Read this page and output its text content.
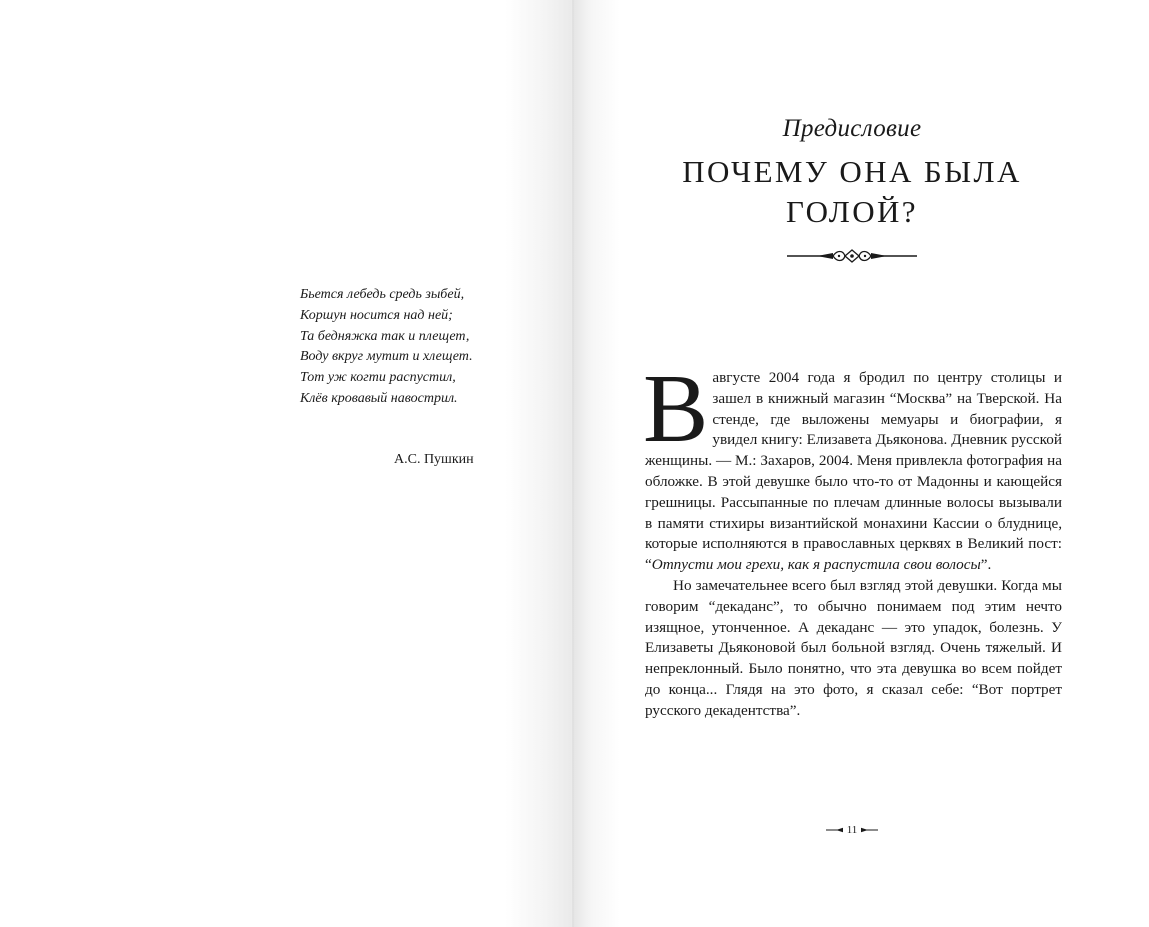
Бьется лебедь средь зыбей,
Коршун носится над ней;
Та бедняжка так и плещет,
Воду вкруг мутит и хлещет.
Тот уж когти распустил,
Клёв кровавый навострил.
А.С. Пушкин
Предисловие
ПОЧЕМУ ОНА БЫЛА
ГОЛОЙ?

Вавгусте 2004 года я бродил по центру столицы и зашел в книжный магазин “Москва” на Тверской. На стенде, где выложены мемуары и биографии, я увидел книгу: Елизавета Дьяконова. Дневник русской женщины. — М.: Захаров, 2004. Меня привлекла фотография на обложке. В этой девушке было что-то от Мадонны и кающейся грешницы. Рассыпанные по плечам длинные волосы вызывали в памяти стихиры византийской монахини Кассии о блуднице, которые исполняются в православных церквях в Великий пост: “Отпусти мои грехи, как я распустила свои волосы”.

Но замечательнее всего был взгляд этой девушки. Когда мы говорим “декаданс”, то обычно понимаем под этим нечто изящное, утонченное. А декаданс — это упадок, болезнь. У Елизаветы Дьяконовой был больной взгляд. Очень тяжелый. И непреклонный. Было понятно, что эта девушка во всем пойдет до конца... Глядя на это фото, я сказал себе: “Вот портрет русского декадентства”.

11
